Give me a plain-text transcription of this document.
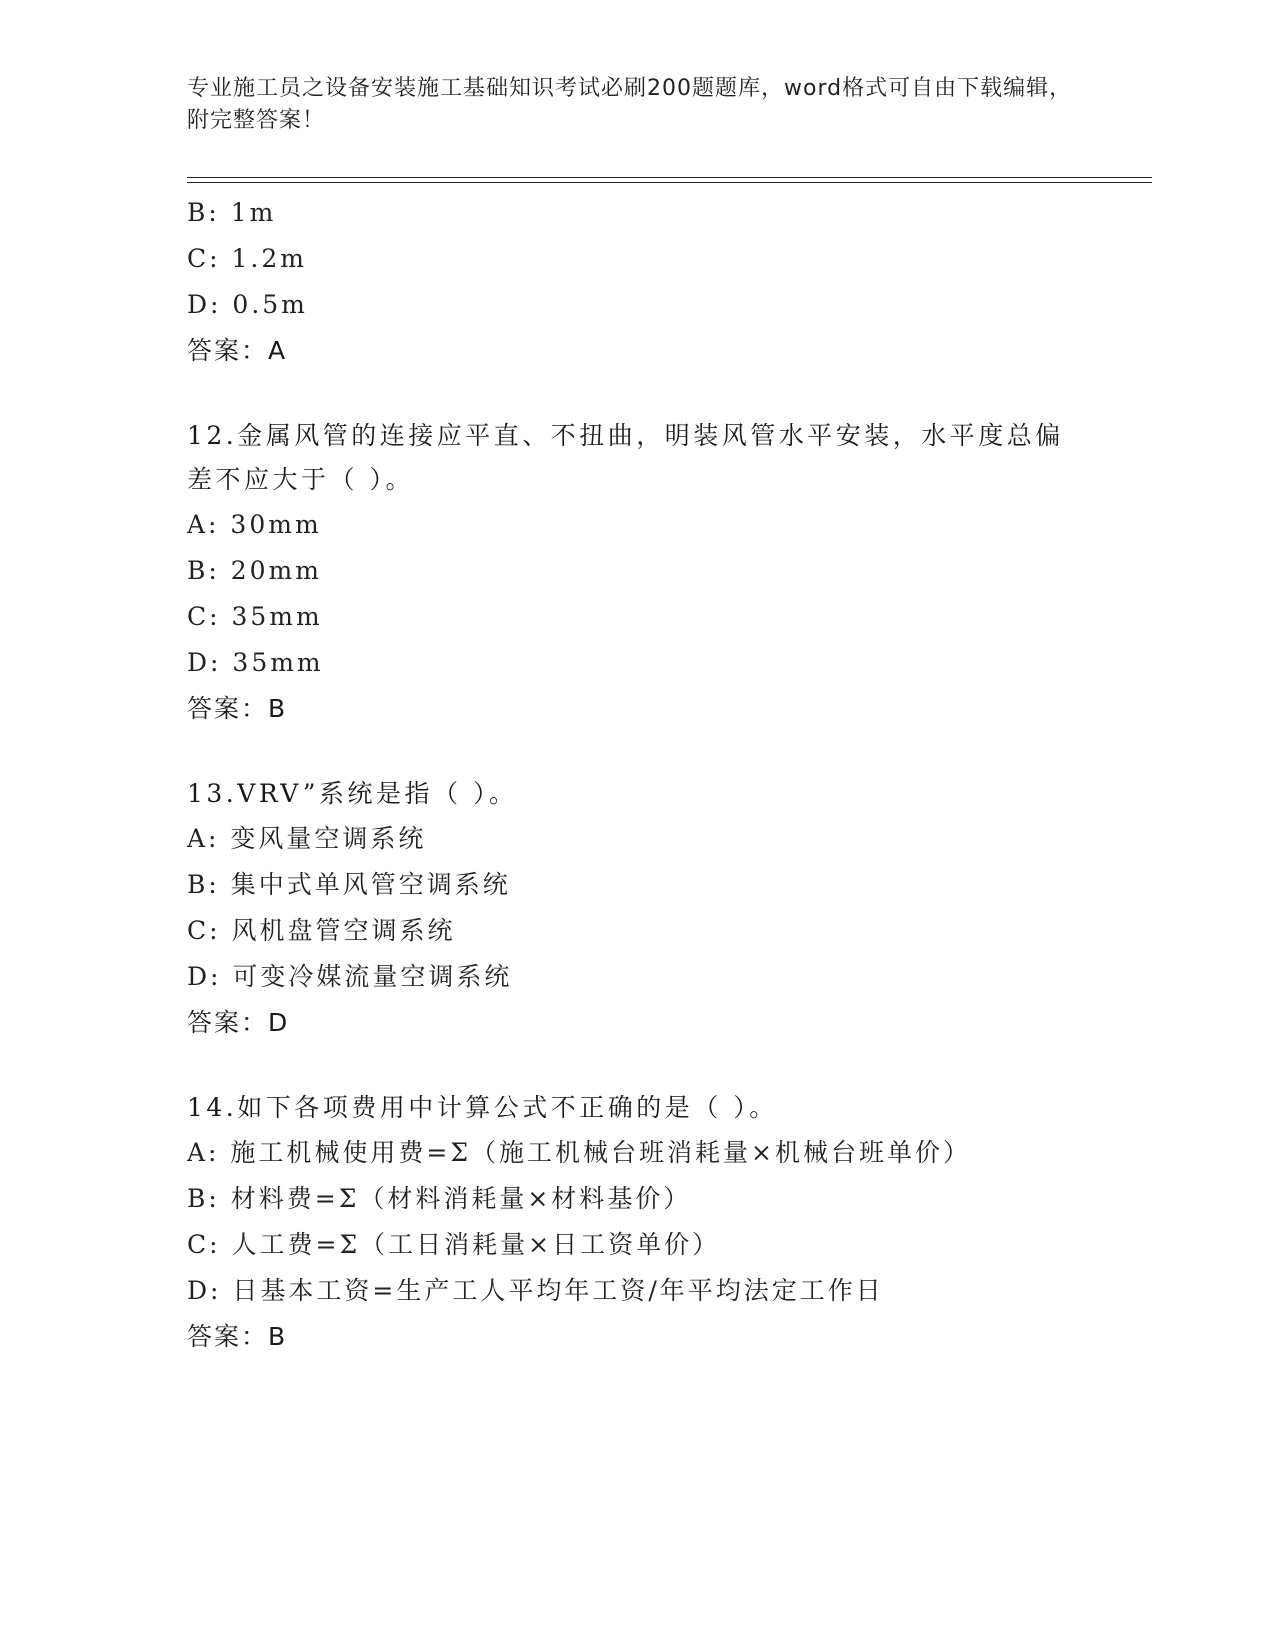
专业施工员之设备安装施工基础知识考试必刷200题题库，word格式可自由下载编辑，附完整答案！
B: 1m
C: 1.2m
D: 0.5m
答案：A
12.金属风管的连接应平直、不扭曲，明装风管水平安装，水平度总偏差不应大于（ ）。
A: 30mm
B: 20mm
C: 35mm
D: 35mm
答案：B
13.VRV”系统是指（ ）。
A: 变风量空调系统
B: 集中式单风管空调系统
C: 风机盘管空调系统
D: 可变冷媒流量空调系统
答案：D
14.如下各项费用中计算公式不正确的是（ ）。
A: 施工机械使用费=Σ（施工机械台班消耗量×机械台班单价）
B: 材料费=Σ（材料消耗量×材料基价）
C: 人工费=Σ（工日消耗量×日工资单价）
D: 日基本工资=生产工人平均年工资/年平均法定工作日
答案：B
